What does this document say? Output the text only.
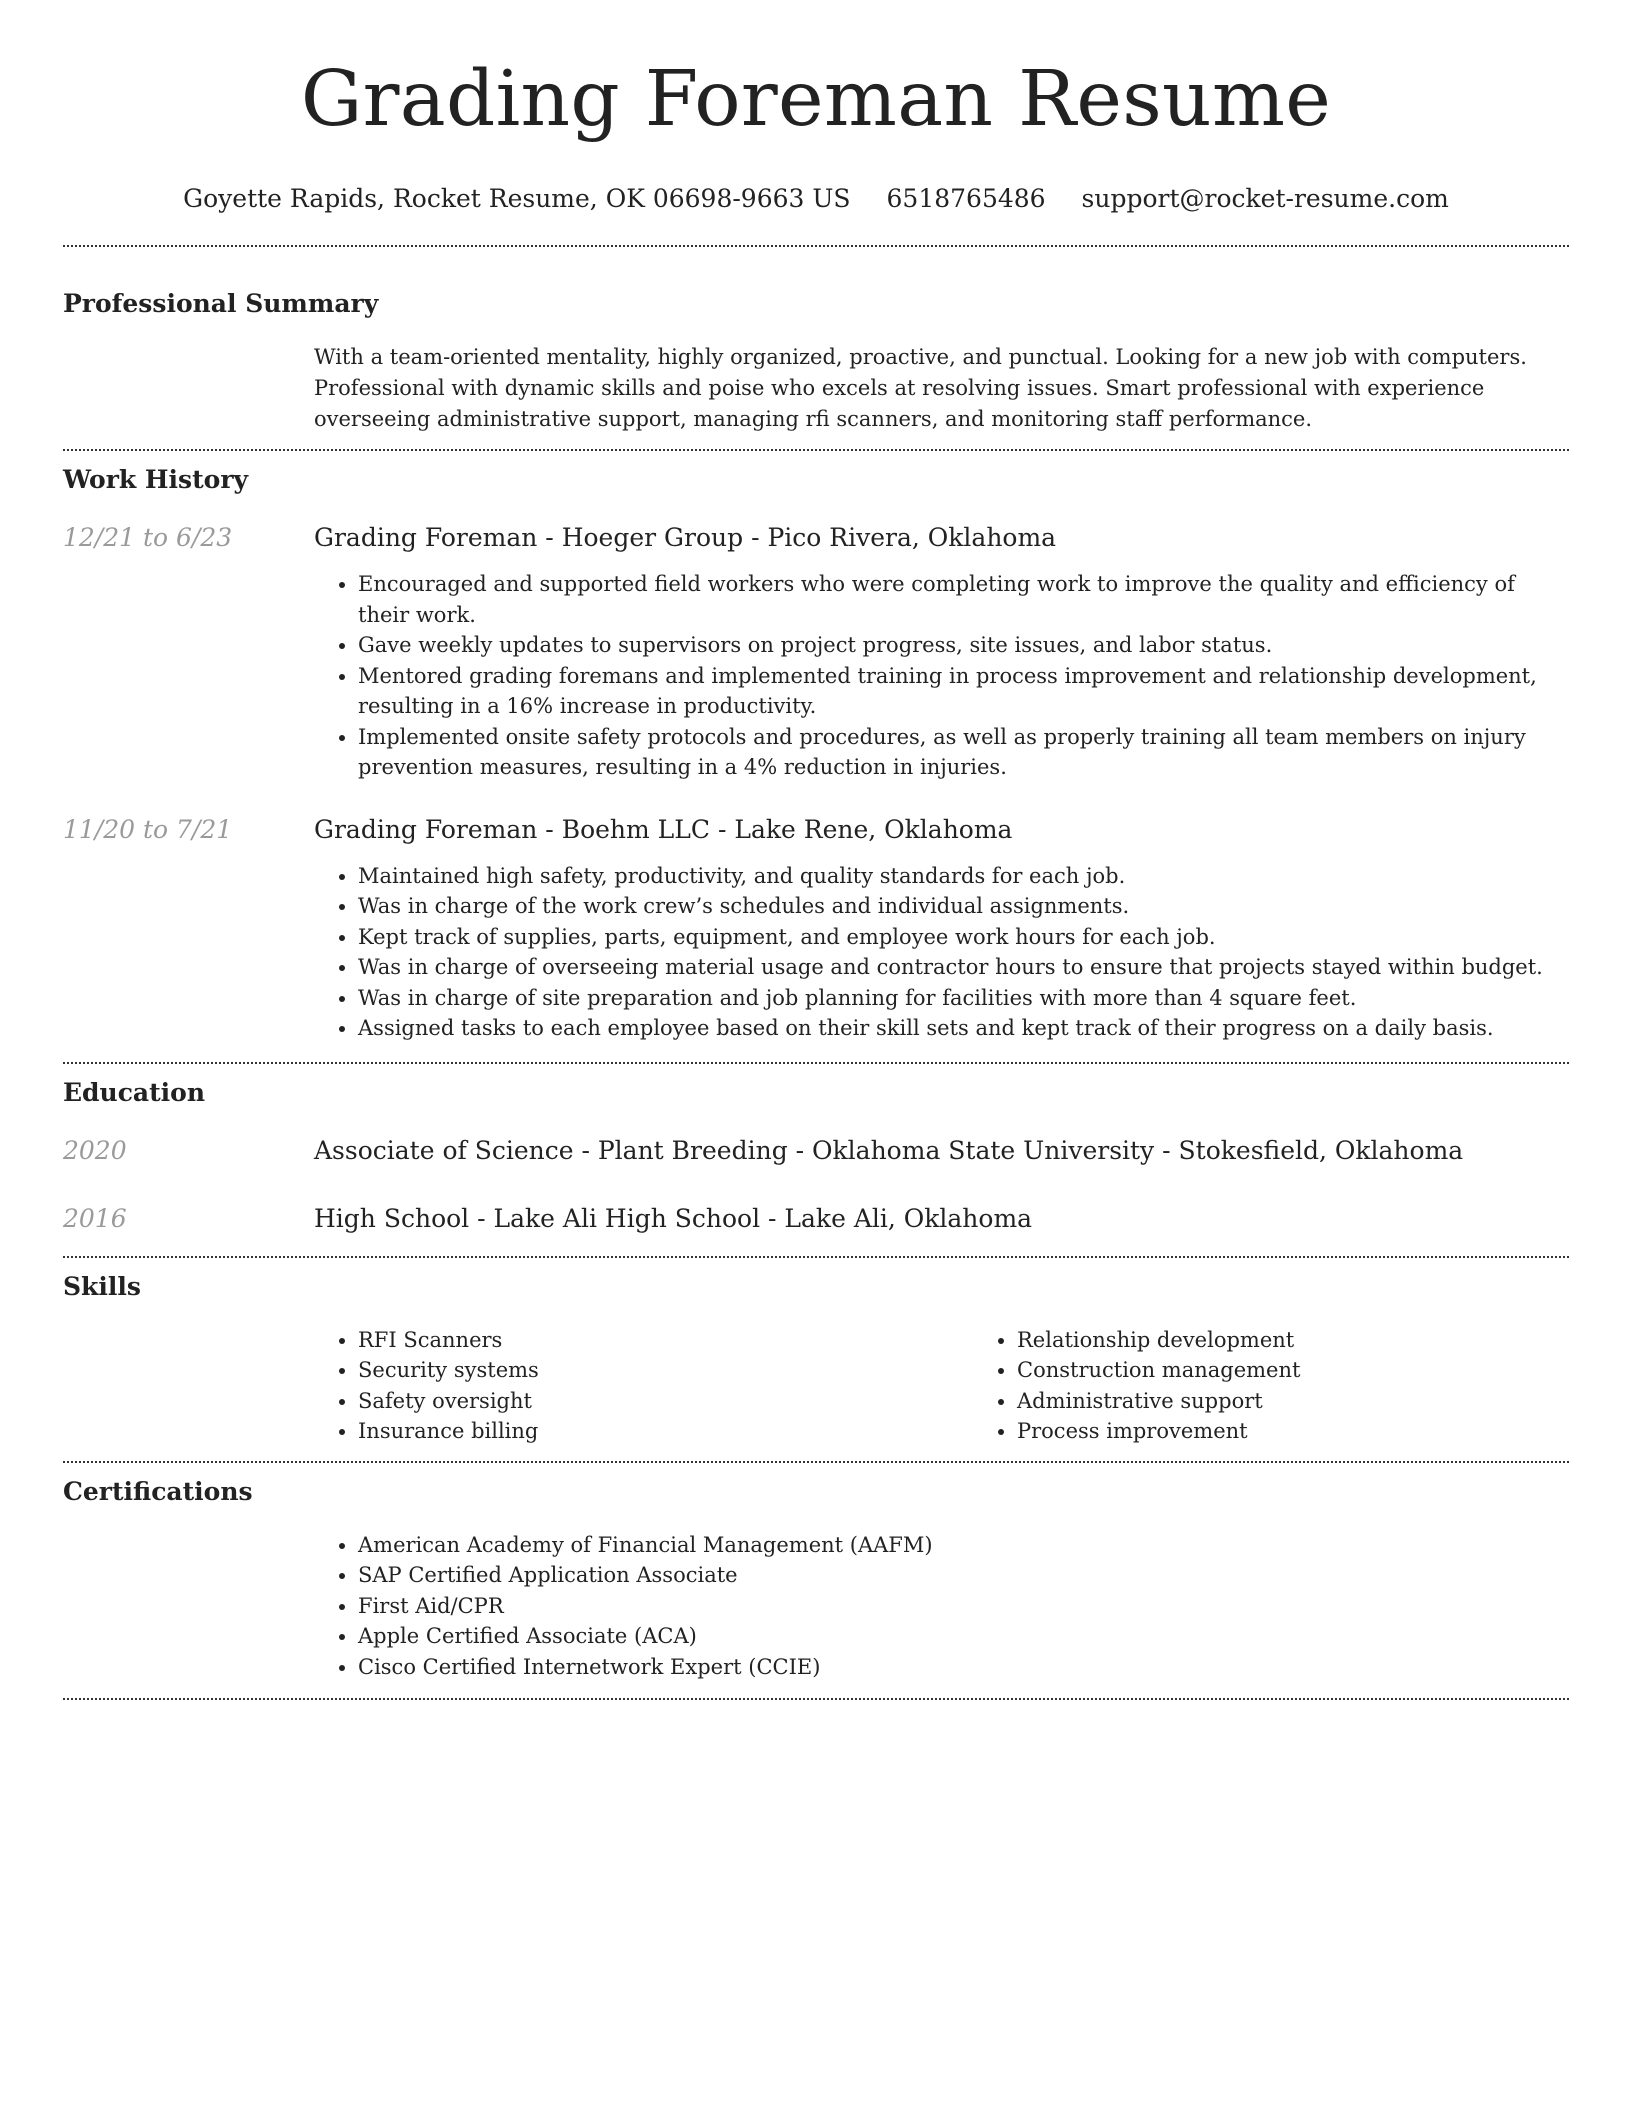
Grading Foreman Resume
Goyette Rapids, Rocket Resume, OK 06698-9663 US 6518765486 support@rocket-resume.com
Professional Summary
With a team-oriented mentality, highly organized, proactive, and punctual. Looking for a new job with computers. Professional with dynamic skills and poise who excels at resolving issues. Smart professional with experience overseeing administrative support, managing rfi scanners, and monitoring staff performance.
Work History
12/21 to 6/23	Grading Foreman - Hoeger Group - Pico Rivera, Oklahoma
• Encouraged and supported field workers who were completing work to improve the quality and efficiency of their work.
• Gave weekly updates to supervisors on project progress, site issues, and labor status.
• Mentored grading foremans and implemented training in process improvement and relationship development, resulting in a 16% increase in productivity.
• Implemented onsite safety protocols and procedures, as well as properly training all team members on injury prevention measures, resulting in a 4% reduction in injuries.
11/20 to 7/21	Grading Foreman - Boehm LLC - Lake Rene, Oklahoma
• Maintained high safety, productivity, and quality standards for each job.
• Was in charge of the work crew’s schedules and individual assignments.
• Kept track of supplies, parts, equipment, and employee work hours for each job.
• Was in charge of overseeing material usage and contractor hours to ensure that projects stayed within budget.
• Was in charge of site preparation and job planning for facilities with more than 4 square feet.
• Assigned tasks to each employee based on their skill sets and kept track of their progress on a daily basis.
Education
2020	Associate of Science - Plant Breeding - Oklahoma State University - Stokesfield, Oklahoma
2016	High School - Lake Ali High School - Lake Ali, Oklahoma
Skills
• RFI Scanners
• Security systems
• Safety oversight
• Insurance billing
• Relationship development
• Construction management
• Administrative support
• Process improvement
Certifications
• American Academy of Financial Management (AAFM)
• SAP Certified Application Associate
• First Aid/CPR
• Apple Certified Associate (ACA)
• Cisco Certified Internetwork Expert (CCIE)
